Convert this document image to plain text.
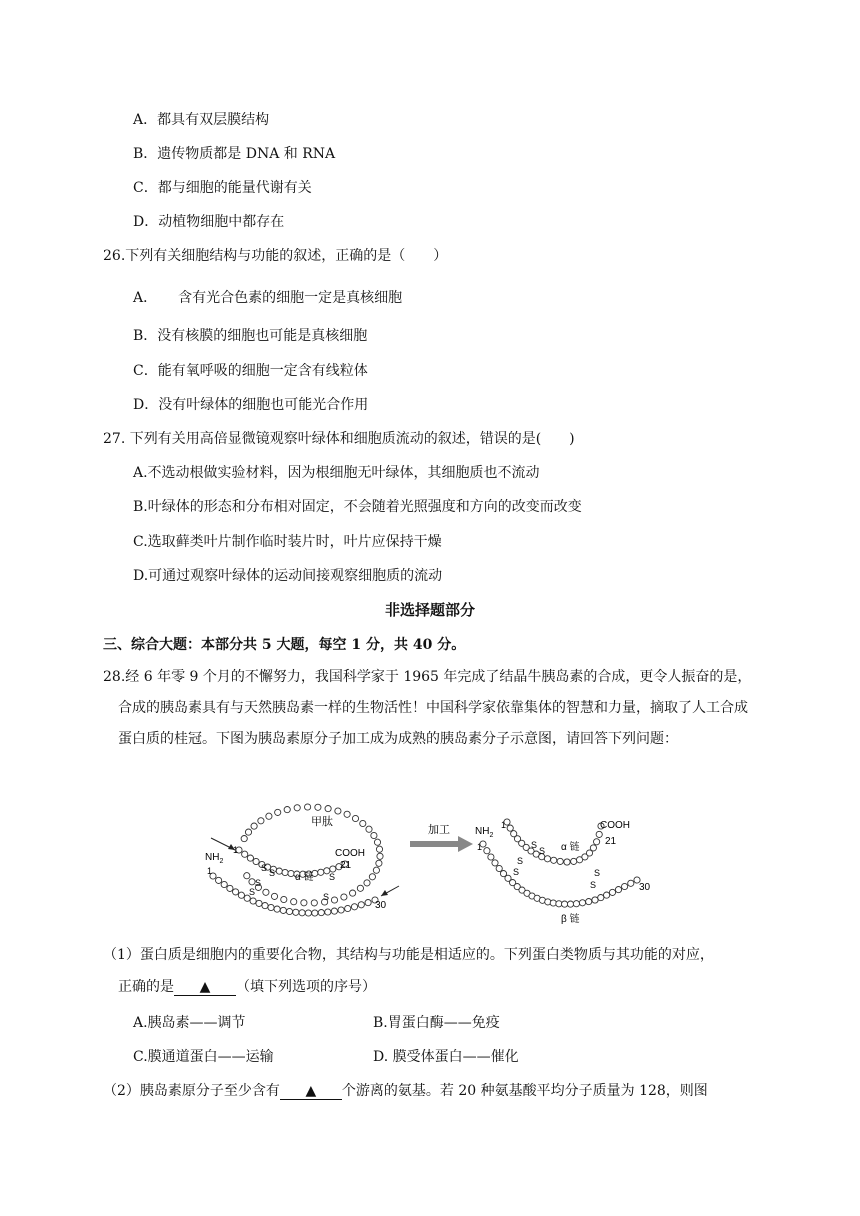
A．都具有双层膜结构
B．遗传物质都是 DNA 和 RNA
C．都与细胞的能量代谢有关
D．动植物细胞中都存在
26.下列有关细胞结构与功能的叙述，正确的是（　　）
A．　　含有光合色素的细胞一定是真核细胞
B．没有核膜的细胞也可能是真核细胞
C．能有氧呼吸的细胞一定含有线粒体
D．没有叶绿体的细胞也可能光合作用
27. 下列有关用高倍显微镜观察叶绿体和细胞质流动的叙述，错误的是(　　)
A.不选动根做实验材料，因为根细胞无叶绿体，其细胞质也不流动
B.叶绿体的形态和分布相对固定，不会随着光照强度和方向的改变而改变
C.选取藓类叶片制作临时装片时，叶片应保持干燥
D.可通过观察叶绿体的运动间接观察细胞质的流动
非选择题部分
三、综合大题：本部分共 5 大题，每空 1 分，共 40 分。
28.经 6 年零 9 个月的不懈努力，我国科学家于 1965 年完成了结晶牛胰岛素的合成，更令人振奋的是，合成的胰岛素具有与天然胰岛素一样的生物活性！中国科学家依靠集体的智慧和力量，摘取了人工合成蛋白质的桂冠。下图为胰岛素原分子加工成为成熟的胰岛素分子示意图，请回答下列问题：
甲肽
COOH
21
$NH_2$
1
1
α 链
30
S S
S
S
S
S
加工	$NH_2$
1
1
COOH
21
α 链
30
β 链
S
S
S
S	S
S
（1）蛋白质是细胞内的重要化合物，其结构与功能是相适应的。下列蛋白类物质与其功能的对应，
正确的是 ▲ （填下列选项的序号）
A.胰岛素——调节	B.胃蛋白酶——免疫
C.膜通道蛋白——运输	D. 膜受体蛋白——催化
（2）胰岛素原分子至少含有 ▲ 个游离的氨基。若 20 种氨基酸平均分子质量为 128，则图
